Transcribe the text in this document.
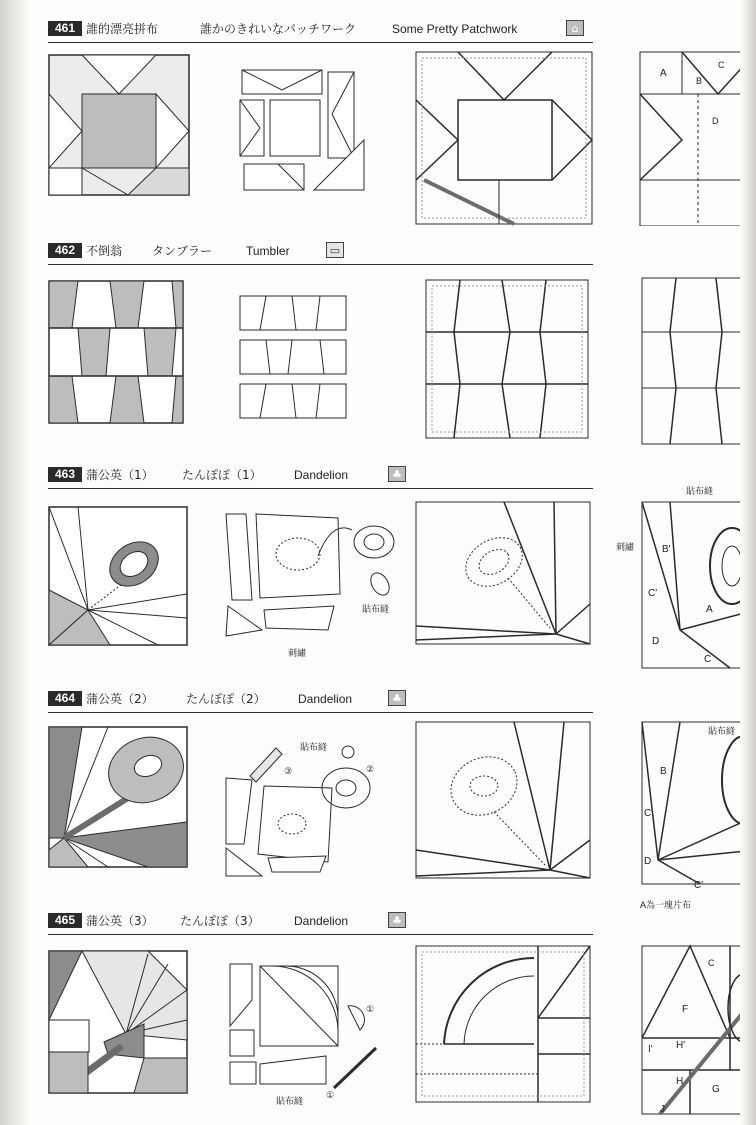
461 誰的漂亮拼布	誰かのきれいなパッチワーク	Some Pretty Patchwork	⌂
A
B
C
D
462 不倒翁 タンブラー	Tumbler	▭
463 蒲公英（1） たんぽぽ（1）	Dandelion	♣
貼布縫
刺繡
貼布縫
刺繡	B'
C'
A
D
C
464 蒲公英（2）	たんぽぽ（2）	Dandelion	♣
貼布縫
③	②
貼布縫
B
C
D
C'
A為一塊片布
465 蒲公英（3） たんぽぽ（3）	Dandelion	♣
①
①
貼布縫
C
F
I' H'
H
J
G
